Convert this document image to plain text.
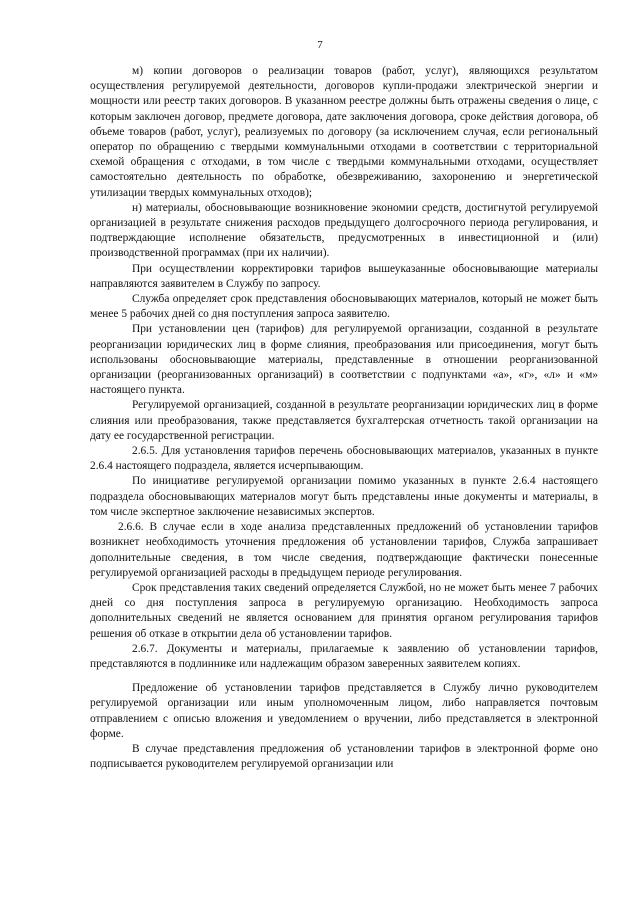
7

м) копии договоров о реализации товаров (работ, услуг), являющихся результатом осуществления регулируемой деятельности, договоров купли-продажи электрической энергии и мощности или реестр таких договоров. В указанном реестре должны быть отражены сведения о лице, с которым заключен договор, предмете договора, дате заключения договора, сроке действия договора, об объеме товаров (работ, услуг), реализуемых по договору (за исключением случая, если региональный оператор по обращению с твердыми коммунальными отходами в соответствии с территориальной схемой обращения с отходами, в том числе с твердыми коммунальными отходами, осуществляет самостоятельно деятельность по обработке, обезвреживанию, захоронению и энергетической утилизации твердых коммунальных отходов);

н) материалы, обосновывающие возникновение экономии средств, достигнутой регулируемой организацией в результате снижения расходов предыдущего долгосрочного периода регулирования, и подтверждающие исполнение обязательств, предусмотренных в инвестиционной и (или) производственной программах (при их наличии).

При осуществлении корректировки тарифов вышеуказанные обосновывающие материалы направляются заявителем в Службу по запросу.

Служба определяет срок представления обосновывающих материалов, который не может быть менее 5 рабочих дней со дня поступления запроса заявителю.

При установлении цен (тарифов) для регулируемой организации, созданной в результате реорганизации юридических лиц в форме слияния, преобразования или присоединения, могут быть использованы обосновывающие материалы, представленные в отношении реорганизованной организации (реорганизованных организаций) в соответствии с подпунктами «а», «г», «л» и «м» настоящего пункта.

Регулируемой организацией, созданной в результате реорганизации юридических лиц в форме слияния или преобразования, также представляется бухгалтерская отчетность такой организации на дату ее государственной регистрации.

2.6.5. Для установления тарифов перечень обосновывающих материалов, указанных в пункте 2.6.4 настоящего подраздела, является исчерпывающим.

По инициативе регулируемой организации помимо указанных в пункте 2.6.4 настоящего подраздела обосновывающих материалов могут быть представлены иные документы и материалы, в том числе экспертное заключение независимых экспертов.

2.6.6. В случае если в ходе анализа представленных предложений об установлении тарифов возникнет необходимость уточнения предложения об установлении тарифов, Служба запрашивает дополнительные сведения, в том числе сведения, подтверждающие фактически понесенные регулируемой организацией расходы в предыдущем периоде регулирования.

Срок представления таких сведений определяется Службой, но не может быть менее 7 рабочих дней со дня поступления запроса в регулируемую организацию. Необходимость запроса дополнительных сведений не является основанием для принятия органом регулирования тарифов решения об отказе в открытии дела об установлении тарифов.

2.6.7. Документы и материалы, прилагаемые к заявлению об установлении тарифов, представляются в подлиннике или надлежащим образом заверенных заявителем копиях.

Предложение об установлении тарифов представляется в Службу лично руководителем регулируемой организации или иным уполномоченным лицом, либо направляется почтовым отправлением с описью вложения и уведомлением о вручении, либо представляется в электронной форме.

В случае представления предложения об установлении тарифов в электронной форме оно подписывается руководителем регулируемой организации или
